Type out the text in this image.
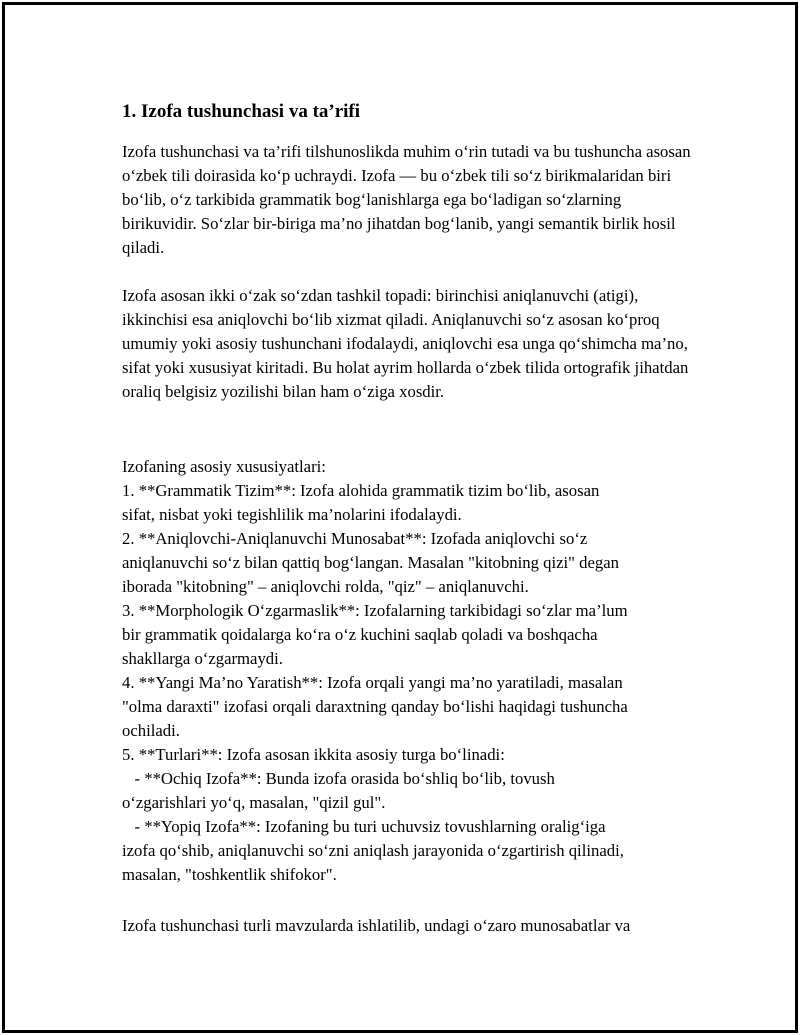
1. Izofa tushunchasi va ta’rifi

Izofa tushunchasi va ta’rifi tilshunoslikda muhim o‘rin tutadi va bu tushuncha asosan o‘zbek tili doirasida ko‘p uchraydi. Izofa — bu o‘zbek tili so‘z birikmalaridan biri bo‘lib, o‘z tarkibida grammatik bog‘lanishlarga ega bo‘ladigan so‘zlarning birikuvidir. So‘zlar bir-biriga ma’no jihatdan bog‘lanib, yangi semantik birlik hosil qiladi.

Izofa asosan ikki o‘zak so‘zdan tashkil topadi: birinchisi aniqlanuvchi (atigi), ikkinchisi esa aniqlovchi bo‘lib xizmat qiladi. Aniqlanuvchi so‘z asosan ko‘proq umumiy yoki asosiy tushunchani ifodalaydi, aniqlovchi esa unga qo‘shimcha ma’no, sifat yoki xususiyat kiritadi. Bu holat ayrim hollarda o‘zbek tilida ortografik jihatdan oraliq belgisiz yozilishi bilan ham o‘ziga xosdir.

Izofaning asosiy xususiyatlari:
1. **Grammatik Tizim**: Izofa alohida grammatik tizim bo‘lib, asosan
sifat, nisbat yoki tegishlilik ma’nolarini ifodalaydi.
2. **Aniqlovchi-Aniqlanuvchi Munosabat**: Izofada aniqlovchi so‘z
aniqlanuvchi so‘z bilan qattiq bog‘langan. Masalan "kitobning qizi" degan
iborada "kitobning" – aniqlovchi rolda, "qiz" – aniqlanuvchi.
3. **Morphologik O‘zgarmaslik**: Izofalarning tarkibidagi so‘zlar ma’lum
bir grammatik qoidalarga ko‘ra o‘z kuchini saqlab qoladi va boshqacha
shakllarga o‘zgarmaydi.
4. **Yangi Ma’no Yaratish**: Izofa orqali yangi ma’no yaratiladi, masalan
"olma daraxti" izofasi orqali daraxtning qanday bo‘lishi haqidagi tushuncha
ochiladi.
5. **Turlari**: Izofa asosan ikkita asosiy turga bo‘linadi:
- **Ochiq Izofa**: Bunda izofa orasida bo‘shliq bo‘lib, tovush
o‘zgarishlari yo‘q, masalan, "qizil gul".
- **Yopiq Izofa**: Izofaning bu turi uchuvsiz tovushlarning oralig‘iga
izofa qo‘shib, aniqlanuvchi so‘zni aniqlash jarayonida o‘zgartirish qilinadi,
masalan, "toshkentlik shifokor".

Izofa tushunchasi turli mavzularda ishlatilib, undagi o‘zaro munosabatlar va
